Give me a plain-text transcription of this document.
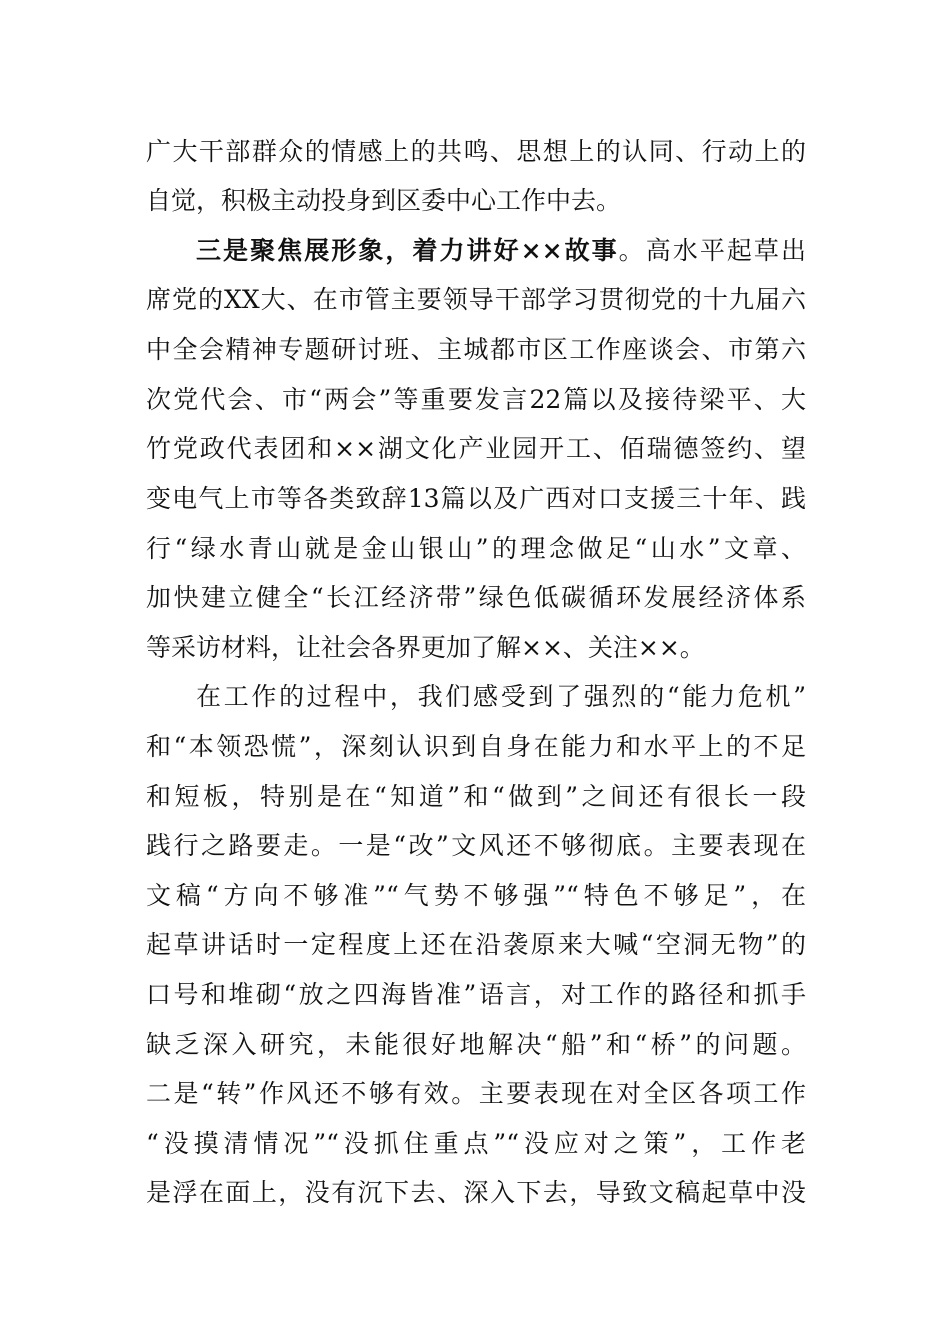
广大干部群众的情感上的共鸣、思想上的认同、行动上的
自觉，积极主动投身到区委中心工作中去。
三是聚焦展形象，着力讲好××故事。高水平起草出
席党的XX大、在市管主要领导干部学习贯彻党的十九届六
中全会精神专题研讨班、主城都市区工作座谈会、市第六
次党代会、市“两会”等重要发言22篇以及接待梁平、大
竹党政代表团和××湖文化产业园开工、佰瑞德签约、望
变电气上市等各类致辞13篇以及广西对口支援三十年、践
行“绿水青山就是金山银山”的理念做足“山水”文章、
加快建立健全“长江经济带”绿色低碳循环发展经济体系
等采访材料，让社会各界更加了解××、关注××。
在工作的过程中，我们感受到了强烈的“能力危机”
和“本领恐慌”，深刻认识到自身在能力和水平上的不足
和短板，特别是在“知道”和“做到”之间还有很长一段
践行之路要走。一是“改”文风还不够彻底。主要表现在
文稿“方向不够准”“气势不够强”“特色不够足”，在
起草讲话时一定程度上还在沿袭原来大喊“空洞无物”的
口号和堆砌“放之四海皆准”语言，对工作的路径和抓手
缺乏深入研究，未能很好地解决“船”和“桥”的问题。
二是“转”作风还不够有效。主要表现在对全区各项工作
“没摸清情况”“没抓住重点”“没应对之策”，工作老
是浮在面上，没有沉下去、深入下去，导致文稿起草中没
